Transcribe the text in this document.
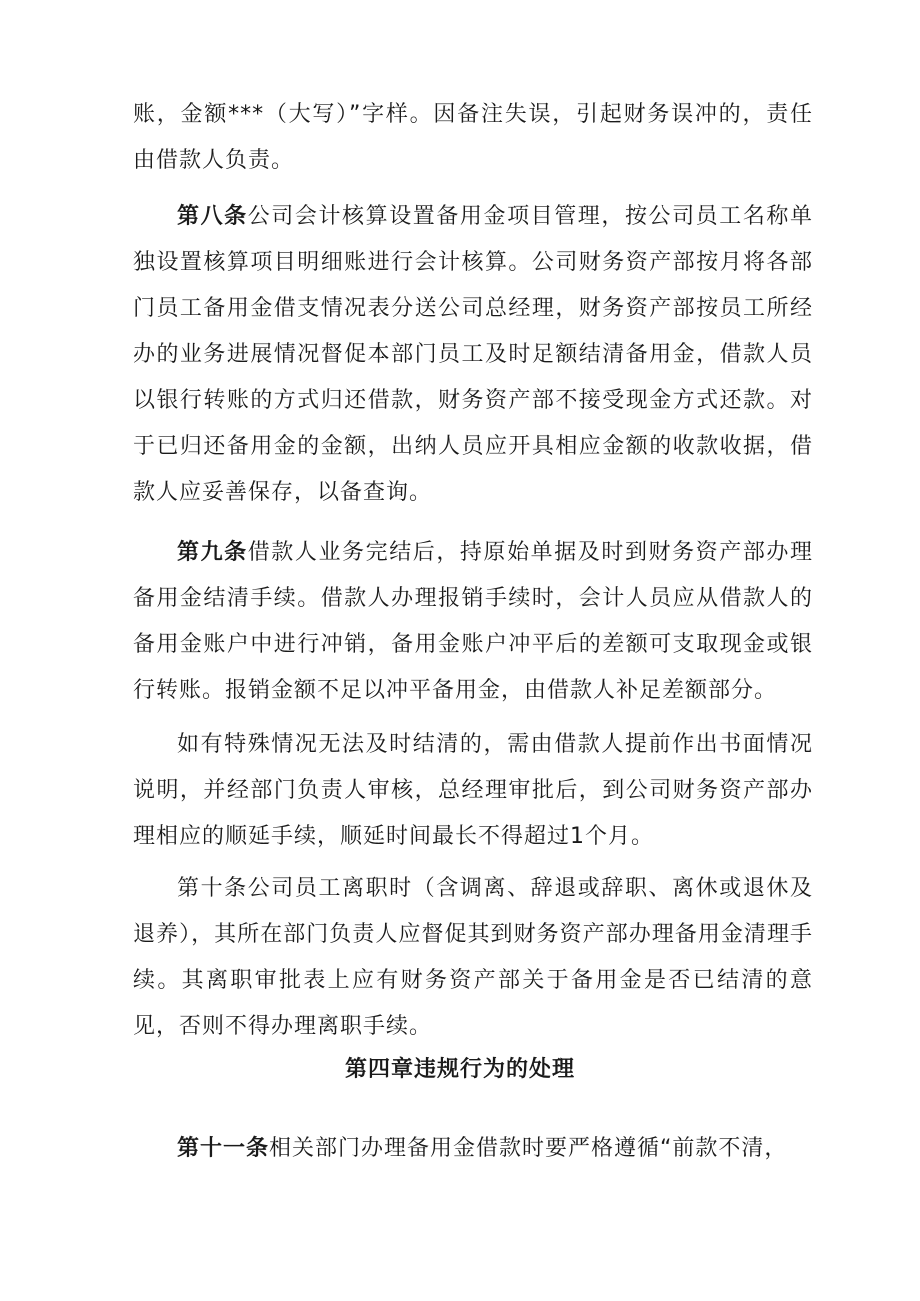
账，金额***（大写）”字样。因备注失误，引起财务误冲的，责任由借款人负责。

第八条公司会计核算设置备用金项目管理，按公司员工名称单独设置核算项目明细账进行会计核算。公司财务资产部按月将各部门员工备用金借支情况表分送公司总经理，财务资产部按员工所经办的业务进展情况督促本部门员工及时足额结清备用金，借款人员以银行转账的方式归还借款，财务资产部不接受现金方式还款。对于已归还备用金的金额，出纳人员应开具相应金额的收款收据，借款人应妥善保存，以备查询。

第九条借款人业务完结后，持原始单据及时到财务资产部办理备用金结清手续。借款人办理报销手续时，会计人员应从借款人的备用金账户中进行冲销，备用金账户冲平后的差额可支取现金或银行转账。报销金额不足以冲平备用金，由借款人补足差额部分。

如有特殊情况无法及时结清的，需由借款人提前作出书面情况说明，并经部门负责人审核，总经理审批后，到公司财务资产部办理相应的顺延手续，顺延时间最长不得超过1个月。

第十条公司员工离职时（含调离、辞退或辞职、离休或退休及退养），其所在部门负责人应督促其到财务资产部办理备用金清理手续。其离职审批表上应有财务资产部关于备用金是否已结清的意见，否则不得办理离职手续。

第四章违规行为的处理

第十一条相关部门办理备用金借款时要严格遵循“前款不清，
